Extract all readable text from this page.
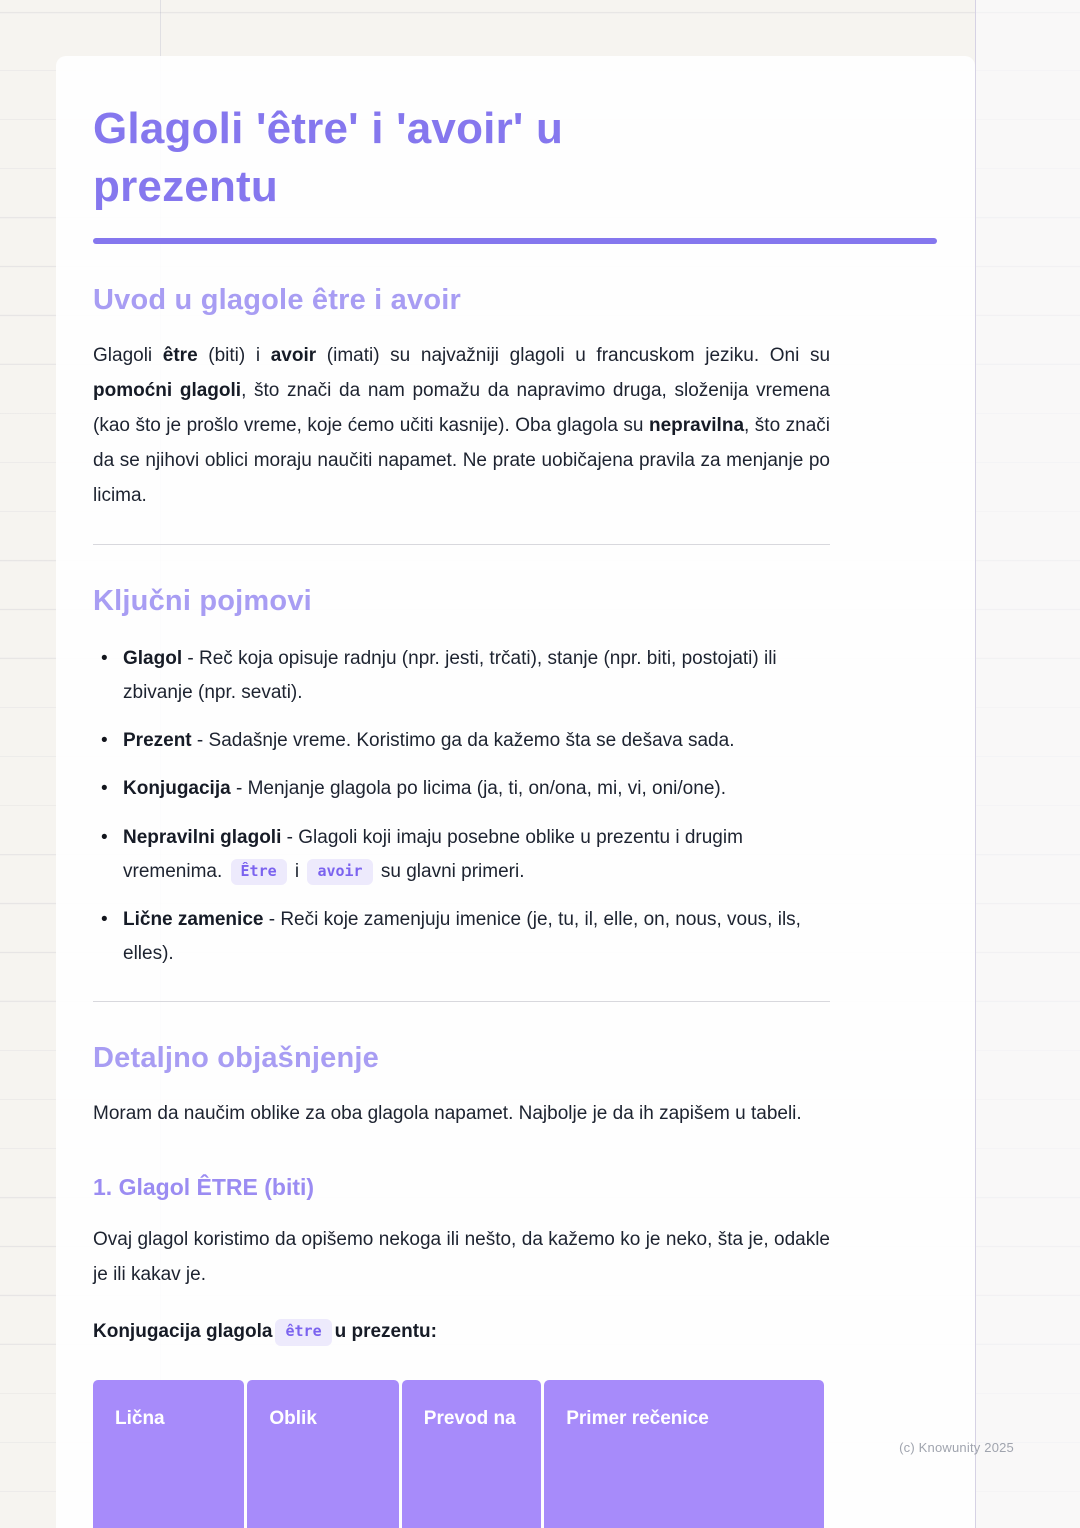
Glagoli 'être' i 'avoir' u prezentu
Uvod u glagole être i avoir

Glagoli être (biti) i avoir (imati) su najvažniji glagoli u francuskom jeziku. Oni su pomoćni glagoli, što znači da nam pomažu da napravimo druga, složenija vremena (kao što je prošlo vreme, koje ćemo učiti kasnije). Oba glagola su nepravilna, što znači da se njihovi oblici moraju naučiti napamet. Ne prate uobičajena pravila za menjanje po licima.

Ključni pojmovi
• Glagol - Reč koja opisuje radnju (npr. jesti, trčati), stanje (npr. biti, postojati) ili zbivanje (npr. sevati).
• Prezent - Sadašnje vreme. Koristimo ga da kažemo šta se dešava sada.
• Konjugacija - Menjanje glagola po licima (ja, ti, on/ona, mi, vi, oni/one).
• Nepravilni glagoli - Glagoli koji imaju posebne oblike u prezentu i drugim vremenima. Être i avoir su glavni primeri.
• Lične zamenice - Reči koje zamenjuju imenice (je, tu, il, elle, on, nous, vous, ils, elles).
Detaljno objašnjenje

Moram da naučim oblike za oba glagola napamet. Najbolje je da ih zapišem u tabeli.

1. Glagol ÊTRE (biti)

Ovaj glagol koristimo da opišemo nekoga ili nešto, da kažemo ko je neko, šta je, odakle je ili kakav je.

Konjugacija glagola être u prezentu:

Lična	Oblik	Prevod na	Primer rečenice
(c) Knowunity 2025
